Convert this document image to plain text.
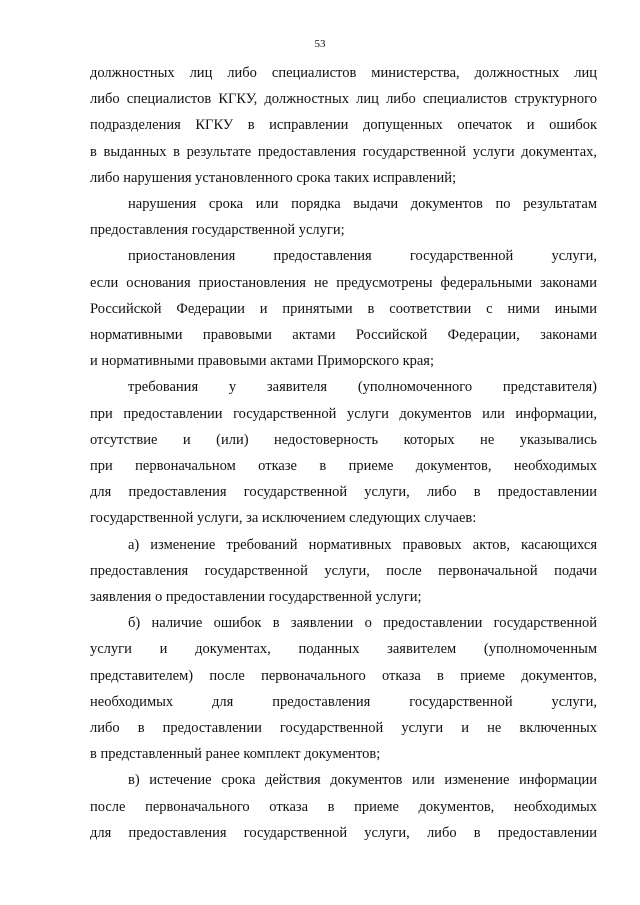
53
должностных лиц либо специалистов министерства, должностных лиц
либо специалистов КГКУ, должностных лиц либо специалистов структурного
подразделения КГКУ в исправлении допущенных опечаток и ошибок
в выданных в результате предоставления государственной услуги документах,
либо нарушения установленного срока таких исправлений;
нарушения срока или порядка выдачи документов по результатам
предоставления государственной услуги;
приостановления предоставления государственной услуги,
если основания приостановления не предусмотрены федеральными законами
Российской Федерации и принятыми в соответствии с ними иными
нормативными правовыми актами Российской Федерации, законами
и нормативными правовыми актами Приморского края;
требования у заявителя (уполномоченного представителя)
при предоставлении государственной услуги документов или информации,
отсутствие и (или) недостоверность которых не указывались
при первоначальном отказе в приеме документов, необходимых
для предоставления государственной услуги, либо в предоставлении
государственной услуги, за исключением следующих случаев:
а) изменение требований нормативных правовых актов, касающихся
предоставления государственной услуги, после первоначальной подачи
заявления о предоставлении государственной услуги;
б) наличие ошибок в заявлении о предоставлении государственной
услуги и документах, поданных заявителем (уполномоченным
представителем) после первоначального отказа в приеме документов,
необходимых для предоставления государственной услуги,
либо в предоставлении государственной услуги и не включенных
в представленный ранее комплект документов;
в) истечение срока действия документов или изменение информации
после первоначального отказа в приеме документов, необходимых
для предоставления государственной услуги, либо в предоставлении
